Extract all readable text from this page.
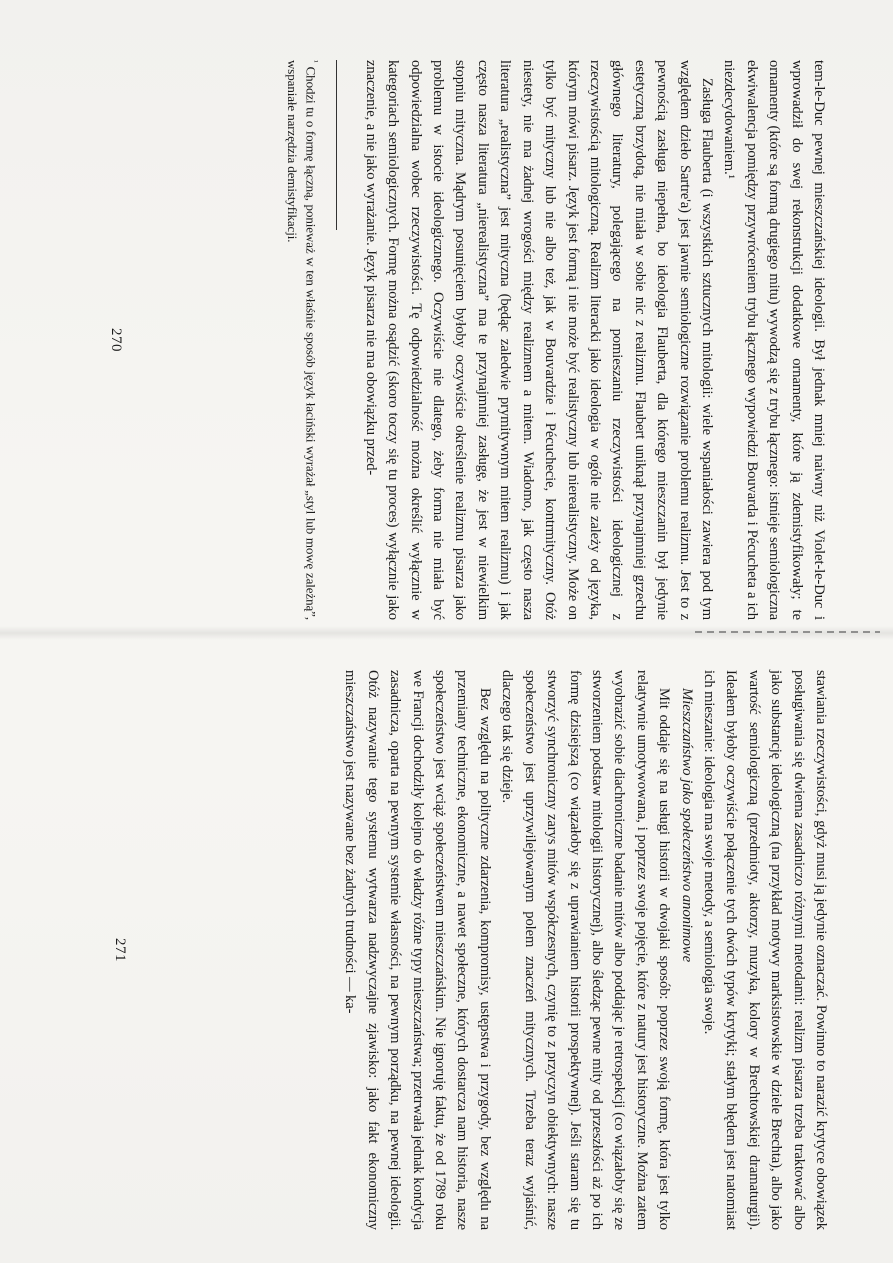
tem-le-Duc pewnej mieszczańskiej ideologii. Był jednak mniej naiwny niż Violet-le-Duc i wprowadził do swej rekonstrukcji dodatkowe ornamenty, które ją zdemistyfikowały; te ornamenty (które są formą drugiego mitu) wywodzą się z trybu łącznego: istnieje semiologiczna ekwiwalencja pomiędzy przywróceniem trybu łącznego wypowiedzi Bouvarda i Pécucheta a ich niezdecydowaniem.¹

Zasługa Flauberta (i wszystkich sztucznych mitologii: wiele wspaniałości zawiera pod tym względem dzieło Sartre'a) jest jawnie semiologiczne rozwiązanie problemu realizmu. Jest to z pewnością zasługa niepełna, bo ideologia Flauberta, dla którego mieszczanin był jedynie estetyczną brzydotą, nie miała w sobie nic z realizmu. Flaubert uniknął przynajmniej grzechu głównego literatury, polegającego na pomieszaniu rzeczywistości ideologicznej z rzeczywistością mitologiczną. Realizm literacki jako ideologia w ogóle nie zależy od języka, którym mówi pisarz. Język jest formą i nie może być realistyczny lub nierealistyczny. Może on tylko być mityczny lub nie albo też, jak w Bouvardzie i Pécuchecie, kontrmityczny. Otóż niestety, nie ma żadnej wrogości między realizmem a mitem. Wiadomo, jak często nasza literatura „realistyczna” jest mityczna (będąc zaledwie prymitywnym mitem realizmu) i jak często nasza literatura „nierealistyczna” ma te przynajmniej zasługę, że jest w niewielkim stopniu mityczna. Mądrym posunięciem byłoby oczywiście określenie realizmu pisarza jako problemu w istocie ideologicznego. Oczywiście nie dlatego, żeby forma nie miała być odpowiedzialna wobec rzeczywistości. Tę odpowiedzialność można określić wyłącznie w kategoriach semiologicznych. Formę można osądzić (skoro toczy się tu proces) wyłącznie jako znaczenie, a nie jako wyrażanie. Język pisarza nie ma obowiązku przed-

$^{^1}$Chodzi tu o formę łączną, ponieważ w ten właśnie sposób język łaciński wyrażał „styl lub mowę zależną”, wspaniałe narzędzia demistyfikacji.
270

stawiania rzeczywistości, gdyż musi ją jedynie oznaczać. Powinno to narazić krytyce obowiązek posługiwania się dwiema zasadniczo różnymi metodami: realizm pisarza trzeba traktować albo jako substancję ideologiczną (na przykład motywy marksistowskie w dziele Brechta), albo jako wartość semiologiczną (przedmioty, aktorzy, muzyka, kolory w Brechtowskiej dramaturgii). Ideałem byłoby oczywiście połączenie tych dwóch typów krytyki; stałym błędem jest natomiast ich mieszanie: ideologia ma swoje metody, a semiologia swoje.

Mieszczaństwo jako społeczeństwo anonimowe

Mit oddaje się na usługi historii w dwojaki sposób: poprzez swoją formę, która jest tylko relatywnie umotywowana, i poprzez swoje pojęcie, które z natury jest historyczne. Można zatem wyobrazić sobie diachroniczne badanie mitów albo poddając je retrospekcji (co wiązałoby się ze stworzeniem podstaw mitologii historycznej), albo śledząc pewne mity od przeszłości aż po ich formę dzisiejszą (co wiązałoby się z uprawianiem historii prospektywnej). Jeśli staram się tu stworzyć synchroniczny zarys mitów współczesnych, czynię to z przyczyn obiektywnych: nasze społeczeństwo jest uprzywilejowanym polem znaczeń mitycznych. Trzeba teraz wyjaśnić, dlaczego tak się dzieje.

Bez względu na polityczne zdarzenia, kompromisy, ustępstwa i przygody, bez względu na przemiany techniczne, ekonomiczne, a nawet społeczne, których dostarcza nam historia, nasze społeczeństwo jest wciąż społeczeństwem mieszczańskim. Nie ignoruję faktu, że od 1789 roku we Francji dochodziły kolejno do władzy różne typy mieszczaństwa; przetrwała jednak kondycja zasadnicza, oparta na pewnym systemie własności, na pewnym porządku, na pewnej ideologii. Otóż nazywanie tego systemu wytwarza nadzwyczajne zjawisko: jako fakt ekonomiczny mieszczaństwo jest nazywane bez żadnych trudności — ka-

271
